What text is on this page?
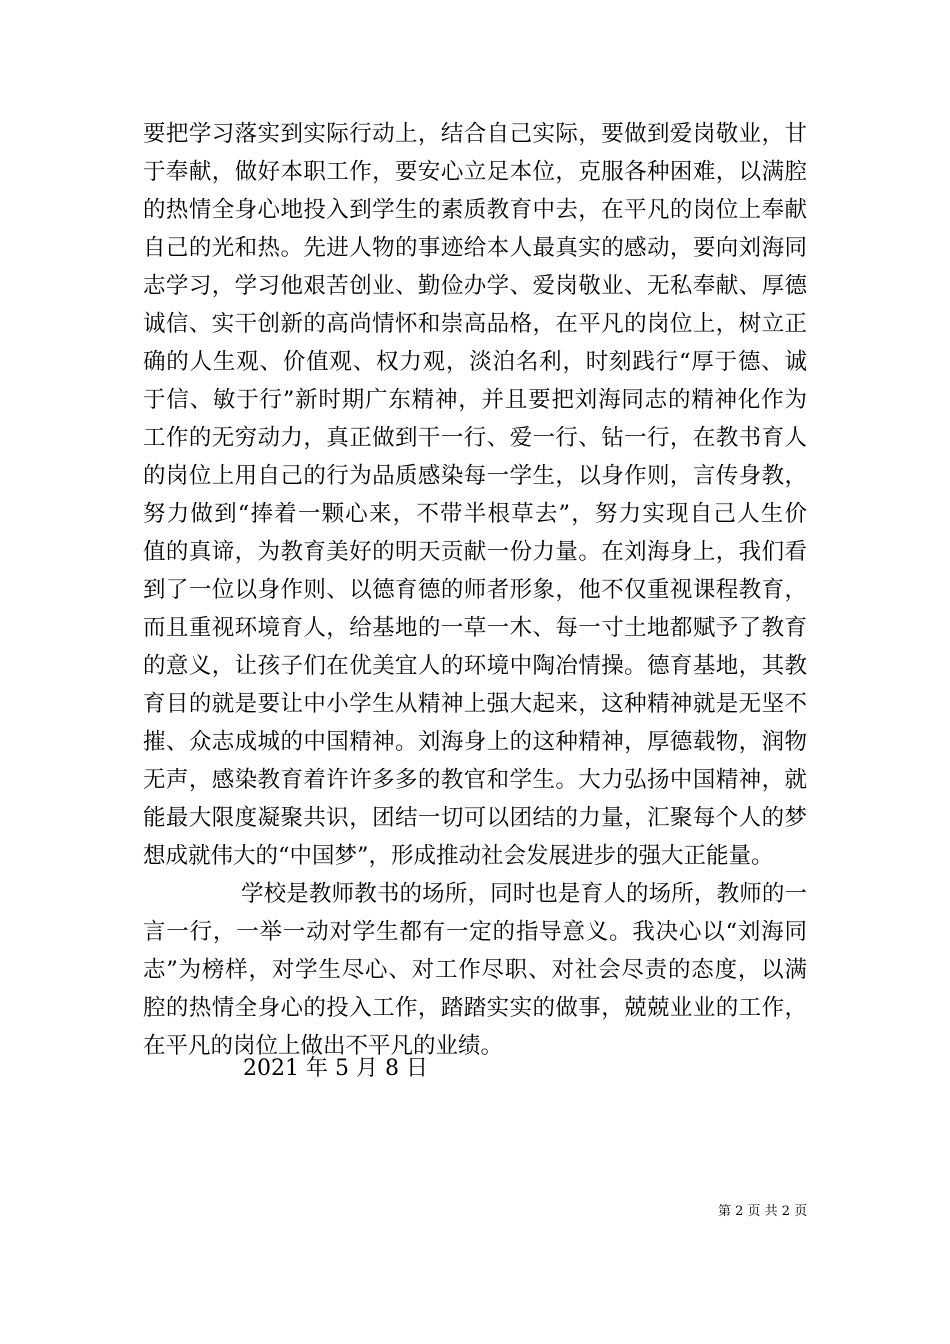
要把学习落实到实际行动上，结合自己实际，要做到爱岗敬业，甘
于奉献，做好本职工作，要安心立足本位，克服各种困难，以满腔
的热情全身心地投入到学生的素质教育中去，在平凡的岗位上奉献
自己的光和热。先进人物的事迹给本人最真实的感动，要向刘海同
志学习，学习他艰苦创业、勤俭办学、爱岗敬业、无私奉献、厚德
诚信、实干创新的高尚情怀和崇高品格，在平凡的岗位上，树立正
确的人生观、价值观、权力观，淡泊名利，时刻践行“厚于德、诚
于信、敏于行”新时期广东精神，并且要把刘海同志的精神化作为
工作的无穷动力，真正做到干一行、爱一行、钻一行，在教书育人
的岗位上用自己的行为品质感染每一学生，以身作则，言传身教，
努力做到“捧着一颗心来，不带半根草去”，努力实现自己人生价
值的真谛，为教育美好的明天贡献一份力量。在刘海身上，我们看
到了一位以身作则、以德育德的师者形象，他不仅重视课程教育，
而且重视环境育人，给基地的一草一木、每一寸土地都赋予了教育
的意义，让孩子们在优美宜人的环境中陶冶情操。德育基地，其教
育目的就是要让中小学生从精神上强大起来，这种精神就是无坚不
摧、众志成城的中国精神。刘海身上的这种精神，厚德载物，润物
无声，感染教育着许许多多的教官和学生。大力弘扬中国精神，就
能最大限度凝聚共识，团结一切可以团结的力量，汇聚每个人的梦
想成就伟大的“中国梦”，形成推动社会发展进步的强大正能量。
学校是教师教书的场所，同时也是育人的场所，教师的一
言一行，一举一动对学生都有一定的指导意义。我决心以“刘海同
志”为榜样，对学生尽心、对工作尽职、对社会尽责的态度，以满
腔的热情全身心的投入工作，踏踏实实的做事，兢兢业业的工作，
在平凡的岗位上做出不平凡的业绩。
2021 年 5 月 8 日
第 2 页 共 2 页
